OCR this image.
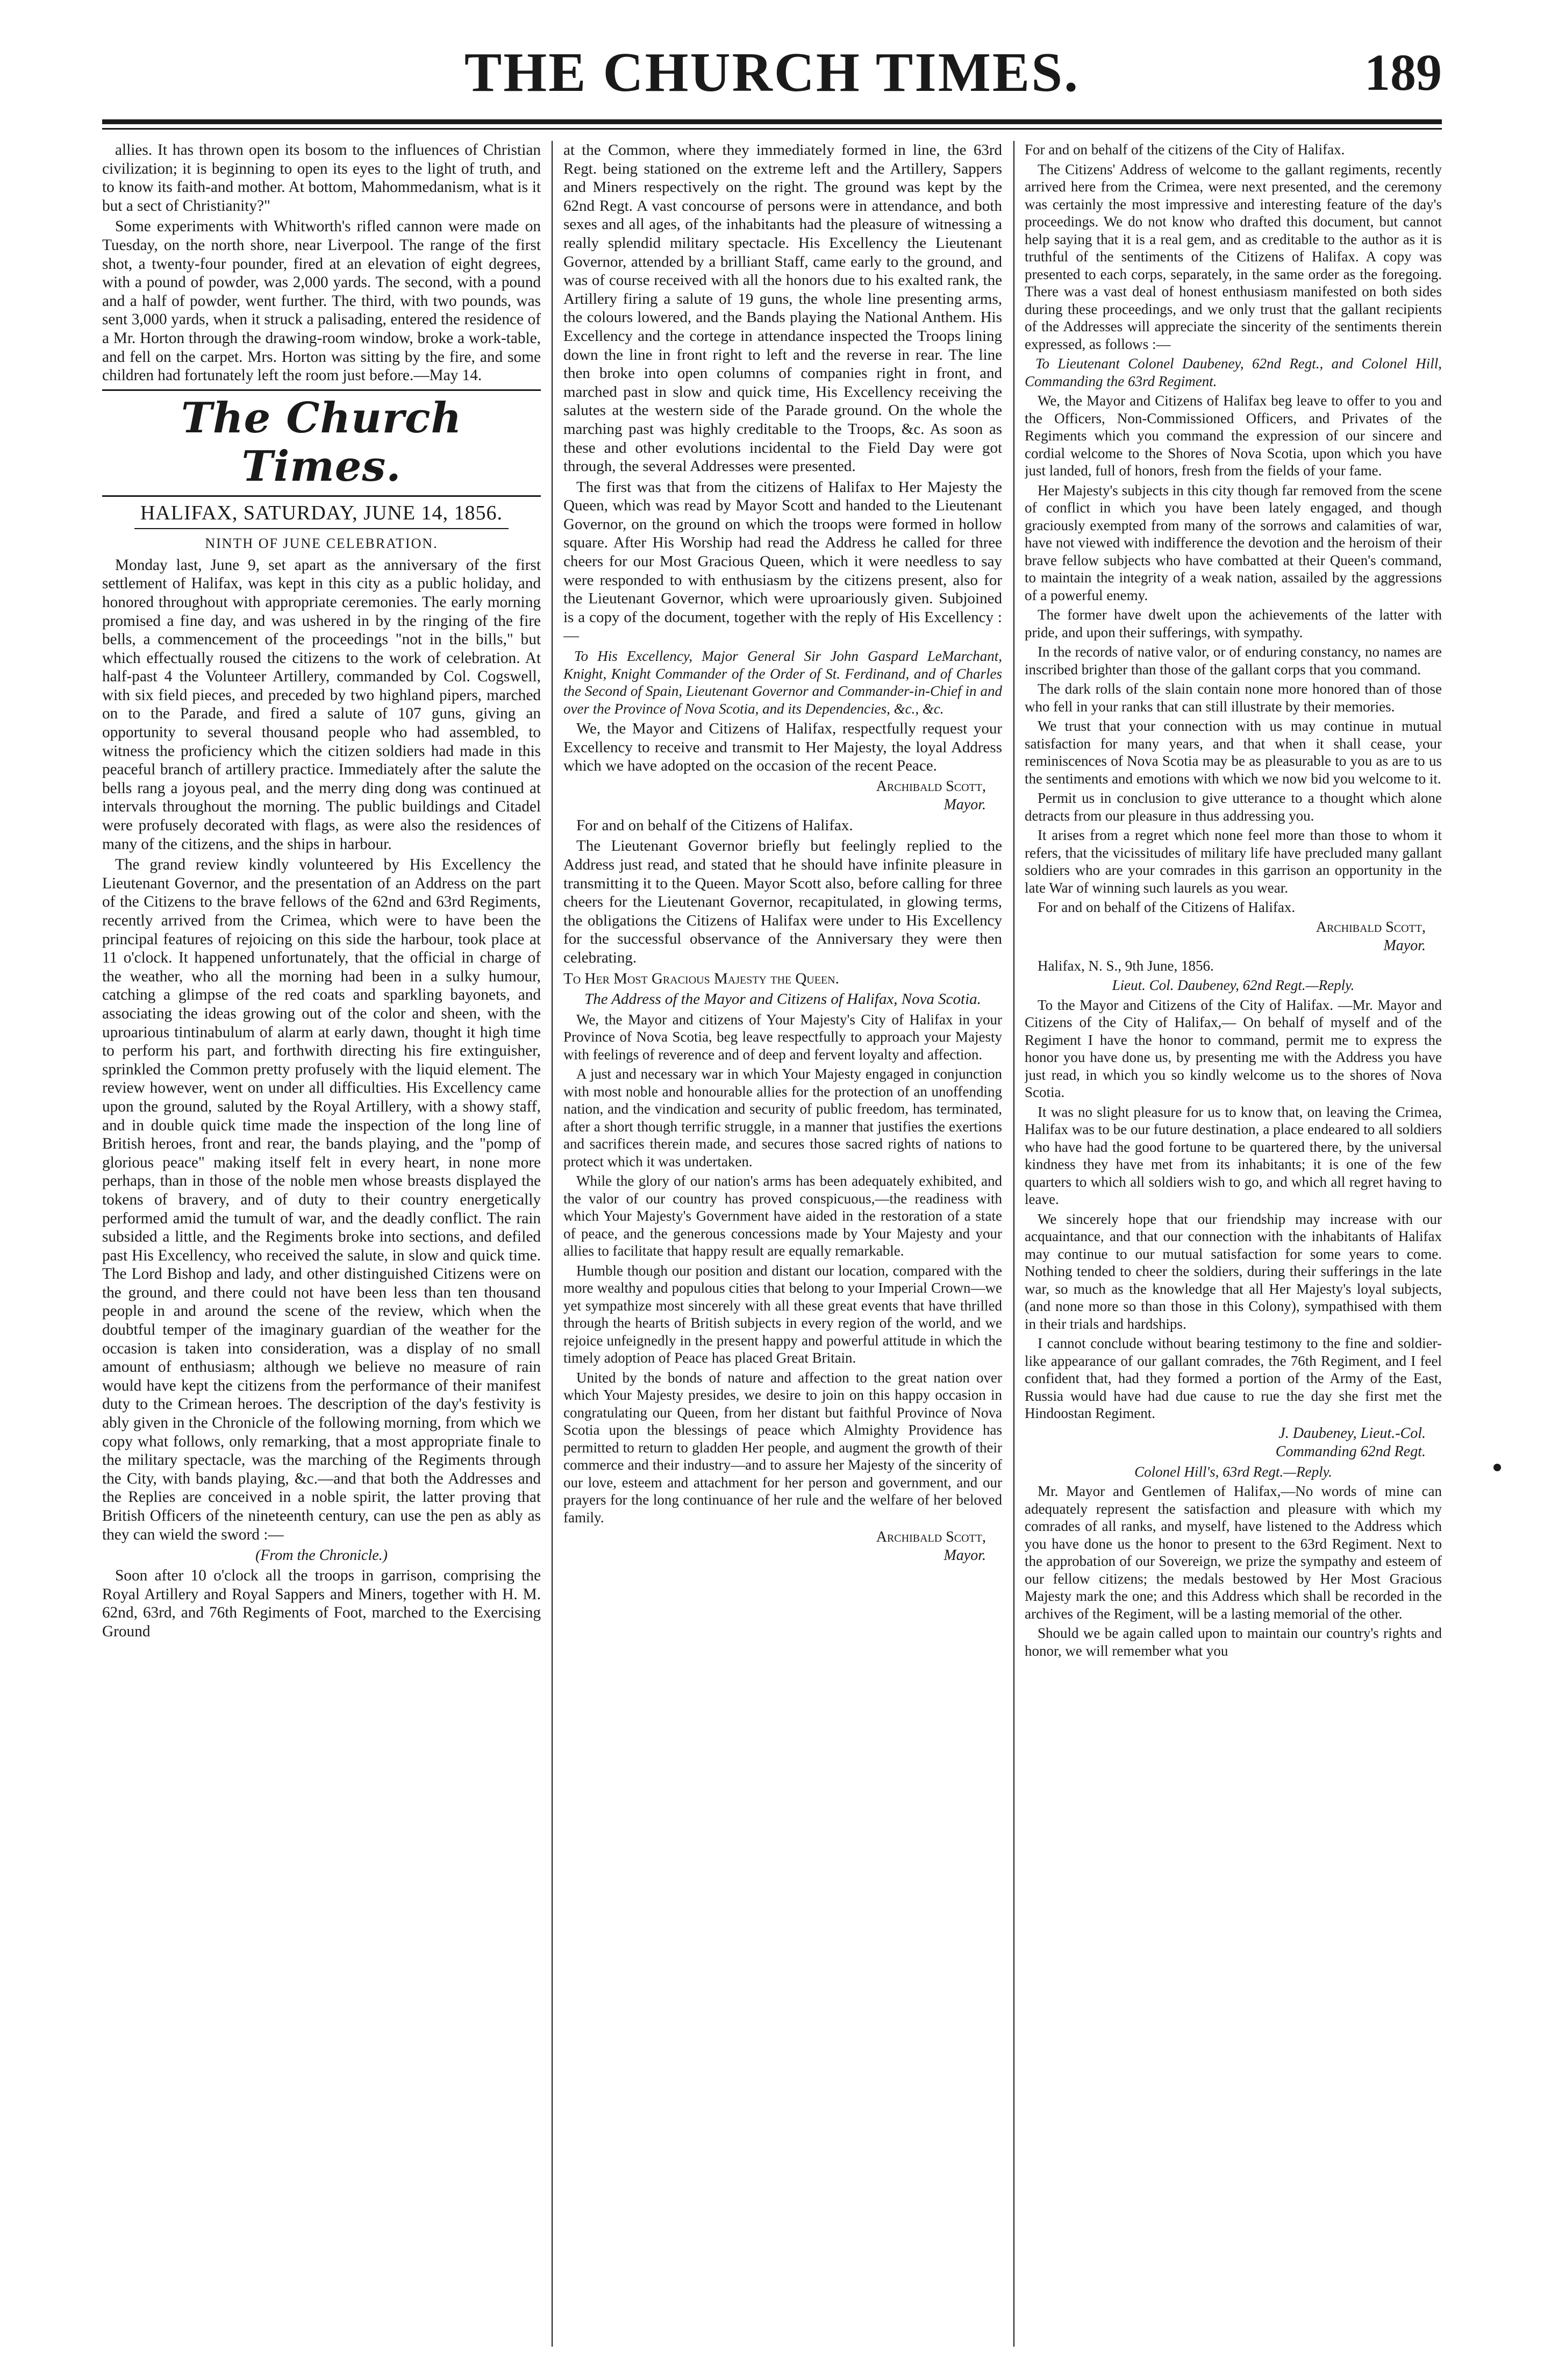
THE CHURCH TIMES.	189

allies. It has thrown open its bosom to the influences of Christian civilization; it is beginning to open its eyes to the light of truth, and to know its faith-and mother. At bottom, Mahommedanism, what is it but a sect of Christianity?"

Some experiments with Whitworth's rifled cannon were made on Tuesday, on the north shore, near Liverpool. The range of the first shot, a twenty-four pounder, fired at an elevation of eight degrees, with a pound of powder, was 2,000 yards. The second, with a pound and a half of powder, went further. The third, with two pounds, was sent 3,000 yards, when it struck a palisading, entered the residence of a Mr. Horton through the drawing-room window, broke a work-table, and fell on the carpet. Mrs. Horton was sitting by the fire, and some children had fortunately left the room just before.—May 14.

The Church Times.
HALIFAX, SATURDAY, JUNE 14, 1856.
NINTH OF JUNE CELEBRATION.

Monday last, June 9, set apart as the anniversary of the first settlement of Halifax, was kept in this city as a public holiday, and honored throughout with appropriate ceremonies. The early morning promised a fine day, and was ushered in by the ringing of the fire bells, a commencement of the proceedings "not in the bills," but which effectually roused the citizens to the work of celebration. At half-past 4 the Volunteer Artillery, commanded by Col. Cogswell, with six field pieces, and preceded by two highland pipers, marched on to the Parade, and fired a salute of 107 guns, giving an opportunity to several thousand people who had assembled, to witness the proficiency which the citizen soldiers had made in this peaceful branch of artillery practice. Immediately after the salute the bells rang a joyous peal, and the merry ding dong was continued at intervals throughout the morning. The public buildings and Citadel were profusely decorated with flags, as were also the residences of many of the citizens, and the ships in harbour.

The grand review kindly volunteered by His Excellency the Lieutenant Governor, and the presentation of an Address on the part of the Citizens to the brave fellows of the 62nd and 63rd Regiments, recently arrived from the Crimea, which were to have been the principal features of rejoicing on this side the harbour, took place at 11 o'clock. It happened unfortunately, that the official in charge of the weather, who all the morning had been in a sulky humour, catching a glimpse of the red coats and sparkling bayonets, and associating the ideas growing out of the color and sheen, with the uproarious tintinabulum of alarm at early dawn, thought it high time to perform his part, and forthwith directing his fire extinguisher, sprinkled the Common pretty profusely with the liquid element. The review however, went on under all difficulties. His Excellency came upon the ground, saluted by the Royal Artillery, with a showy staff, and in double quick time made the inspection of the long line of British heroes, front and rear, the bands playing, and the "pomp of glorious peace" making itself felt in every heart, in none more perhaps, than in those of the noble men whose breasts displayed the tokens of bravery, and of duty to their country energetically performed amid the tumult of war, and the deadly conflict. The rain subsided a little, and the Regiments broke into sections, and defiled past His Excellency, who received the salute, in slow and quick time. The Lord Bishop and lady, and other distinguished Citizens were on the ground, and there could not have been less than ten thousand people in and around the scene of the review, which when the doubtful temper of the imaginary guardian of the weather for the occasion is taken into consideration, was a display of no small amount of enthusiasm; although we believe no measure of rain would have kept the citizens from the performance of their manifest duty to the Crimean heroes. The description of the day's festivity is ably given in the Chronicle of the following morning, from which we copy what follows, only remarking, that a most appropriate finale to the military spectacle, was the marching of the Regiments through the City, with bands playing, &c.—and that both the Addresses and the Replies are conceived in a noble spirit, the latter proving that British Officers of the nineteenth century, can use the pen as ably as they can wield the sword :—

(From the Chronicle.)

Soon after 10 o'clock all the troops in garrison, comprising the Royal Artillery and Royal Sappers and Miners, together with H. M. 62nd, 63rd, and 76th Regiments of Foot, marched to the Exercising Ground

at the Common, where they immediately formed in line, the 63rd Regt. being stationed on the extreme left and the Artillery, Sappers and Miners respectively on the right. The ground was kept by the 62nd Regt. A vast concourse of persons were in attendance, and both sexes and all ages, of the inhabitants had the pleasure of witnessing a really splendid military spectacle. His Excellency the Lieutenant Governor, attended by a brilliant Staff, came early to the ground, and was of course received with all the honors due to his exalted rank, the Artillery firing a salute of 19 guns, the whole line presenting arms, the colours lowered, and the Bands playing the National Anthem. His Excellency and the cortege in attendance inspected the Troops lining down the line in front right to left and the reverse in rear. The line then broke into open columns of companies right in front, and marched past in slow and quick time, His Excellency receiving the salutes at the western side of the Parade ground. On the whole the marching past was highly creditable to the Troops, &c. As soon as these and other evolutions incidental to the Field Day were got through, the several Addresses were presented.

The first was that from the citizens of Halifax to Her Majesty the Queen, which was read by Mayor Scott and handed to the Lieutenant Governor, on the ground on which the troops were formed in hollow square. After His Worship had read the Address he called for three cheers for our Most Gracious Queen, which it were needless to say were responded to with enthusiasm by the citizens present, also for the Lieutenant Governor, which were uproariously given. Subjoined is a copy of the document, together with the reply of His Excellency :—

To His Excellency, Major General Sir John Gaspard LeMarchant, Knight, Knight Commander of the Order of St. Ferdinand, and of Charles the Second of Spain, Lieutenant Governor and Commander-in-Chief in and over the Province of Nova Scotia, and its Dependencies, &c., &c.

We, the Mayor and Citizens of Halifax, respectfully request your Excellency to receive and transmit to Her Majesty, the loyal Address which we have adopted on the occasion of the recent Peace.

Archibald Scott,
Mayor.

For and on behalf of the Citizens of Halifax.

The Lieutenant Governor briefly but feelingly replied to the Address just read, and stated that he should have infinite pleasure in transmitting it to the Queen. Mayor Scott also, before calling for three cheers for the Lieutenant Governor, recapitulated, in glowing terms, the obligations the Citizens of Halifax were under to His Excellency for the successful observance of the Anniversary they were then celebrating.

To Her Most Gracious Majesty the Queen.

The Address of the Mayor and Citizens of Halifax, Nova Scotia.

We, the Mayor and citizens of Your Majesty's City of Halifax in your Province of Nova Scotia, beg leave respectfully to approach your Majesty with feelings of reverence and of deep and fervent loyalty and affection.

A just and necessary war in which Your Majesty engaged in conjunction with most noble and honourable allies for the protection of an unoffending nation, and the vindication and security of public freedom, has terminated, after a short though terrific struggle, in a manner that justifies the exertions and sacrifices therein made, and secures those sacred rights of nations to protect which it was undertaken.

While the glory of our nation's arms has been adequately exhibited, and the valor of our country has proved conspicuous,—the readiness with which Your Majesty's Government have aided in the restoration of a state of peace, and the generous concessions made by Your Majesty and your allies to facilitate that happy result are equally remarkable.

Humble though our position and distant our location, compared with the more wealthy and populous cities that belong to your Imperial Crown—we yet sympathize most sincerely with all these great events that have thrilled through the hearts of British subjects in every region of the world, and we rejoice unfeignedly in the present happy and powerful attitude in which the timely adoption of Peace has placed Great Britain.

United by the bonds of nature and affection to the great nation over which Your Majesty presides, we desire to join on this happy occasion in congratulating our Queen, from her distant but faithful Province of Nova Scotia upon the blessings of peace which Almighty Providence has permitted to return to gladden Her people, and augment the growth of their commerce and their industry—and to assure her Majesty of the sincerity of our love, esteem and attachment for her person and government, and our prayers for the long continuance of her rule and the welfare of her beloved family.

Archibald Scott,
Mayor.

For and on behalf of the citizens of the City of Halifax.

The Citizens' Address of welcome to the gallant regiments, recently arrived here from the Crimea, were next presented, and the ceremony was certainly the most impressive and interesting feature of the day's proceedings. We do not know who drafted this document, but cannot help saying that it is a real gem, and as creditable to the author as it is truthful of the sentiments of the Citizens of Halifax. A copy was presented to each corps, separately, in the same order as the foregoing. There was a vast deal of honest enthusiasm manifested on both sides during these proceedings, and we only trust that the gallant recipients of the Addresses will appreciate the sincerity of the sentiments therein expressed, as follows :—

To Lieutenant Colonel Daubeney, 62nd Regt., and Colonel Hill, Commanding the 63rd Regiment.

We, the Mayor and Citizens of Halifax beg leave to offer to you and the Officers, Non-Commissioned Officers, and Privates of the Regiments which you command the expression of our sincere and cordial welcome to the Shores of Nova Scotia, upon which you have just landed, full of honors, fresh from the fields of your fame.

Her Majesty's subjects in this city though far removed from the scene of conflict in which you have been lately engaged, and though graciously exempted from many of the sorrows and calamities of war, have not viewed with indifference the devotion and the heroism of their brave fellow subjects who have combatted at their Queen's command, to maintain the integrity of a weak nation, assailed by the aggressions of a powerful enemy.

The former have dwelt upon the achievements of the latter with pride, and upon their sufferings, with sympathy.

In the records of native valor, or of enduring constancy, no names are inscribed brighter than those of the gallant corps that you command.

The dark rolls of the slain contain none more honored than of those who fell in your ranks that can still illustrate by their memories.

We trust that your connection with us may continue in mutual satisfaction for many years, and that when it shall cease, your reminiscences of Nova Scotia may be as pleasurable to you as are to us the sentiments and emotions with which we now bid you welcome to it.

Permit us in conclusion to give utterance to a thought which alone detracts from our pleasure in thus addressing you.

It arises from a regret which none feel more than those to whom it refers, that the vicissitudes of military life have precluded many gallant soldiers who are your comrades in this garrison an opportunity in the late War of winning such laurels as you wear.

For and on behalf of the Citizens of Halifax.

Archibald Scott,
Mayor.

Halifax, N. S., 9th June, 1856.

Lieut. Col. Daubeney, 62nd Regt.—Reply.

To the Mayor and Citizens of the City of Halifax. —Mr. Mayor and Citizens of the City of Halifax,— On behalf of myself and of the Regiment I have the honor to command, permit me to express the honor you have done us, by presenting me with the Address you have just read, in which you so kindly welcome us to the shores of Nova Scotia.

It was no slight pleasure for us to know that, on leaving the Crimea, Halifax was to be our future destination, a place endeared to all soldiers who have had the good fortune to be quartered there, by the universal kindness they have met from its inhabitants; it is one of the few quarters to which all soldiers wish to go, and which all regret having to leave.

We sincerely hope that our friendship may increase with our acquaintance, and that our connection with the inhabitants of Halifax may continue to our mutual satisfaction for some years to come. Nothing tended to cheer the soldiers, during their sufferings in the late war, so much as the knowledge that all Her Majesty's loyal subjects, (and none more so than those in this Colony), sympathised with them in their trials and hardships.

I cannot conclude without bearing testimony to the fine and soldier-like appearance of our gallant comrades, the 76th Regiment, and I feel confident that, had they formed a portion of the Army of the East, Russia would have had due cause to rue the day she first met the Hindoostan Regiment.

J. Daubeney, Lieut.-Col.
Commanding 62nd Regt.

Colonel Hill's, 63rd Regt.—Reply.

Mr. Mayor and Gentlemen of Halifax,—No words of mine can adequately represent the satisfaction and pleasure with which my comrades of all ranks, and myself, have listened to the Address which you have done us the honor to present to the 63rd Regiment. Next to the approbation of our Sovereign, we prize the sympathy and esteem of our fellow citizens; the medals bestowed by Her Most Gracious Majesty mark the one; and this Address which shall be recorded in the archives of the Regiment, will be a lasting memorial of the other.

Should we be again called upon to maintain our country's rights and honor, we will remember what you
